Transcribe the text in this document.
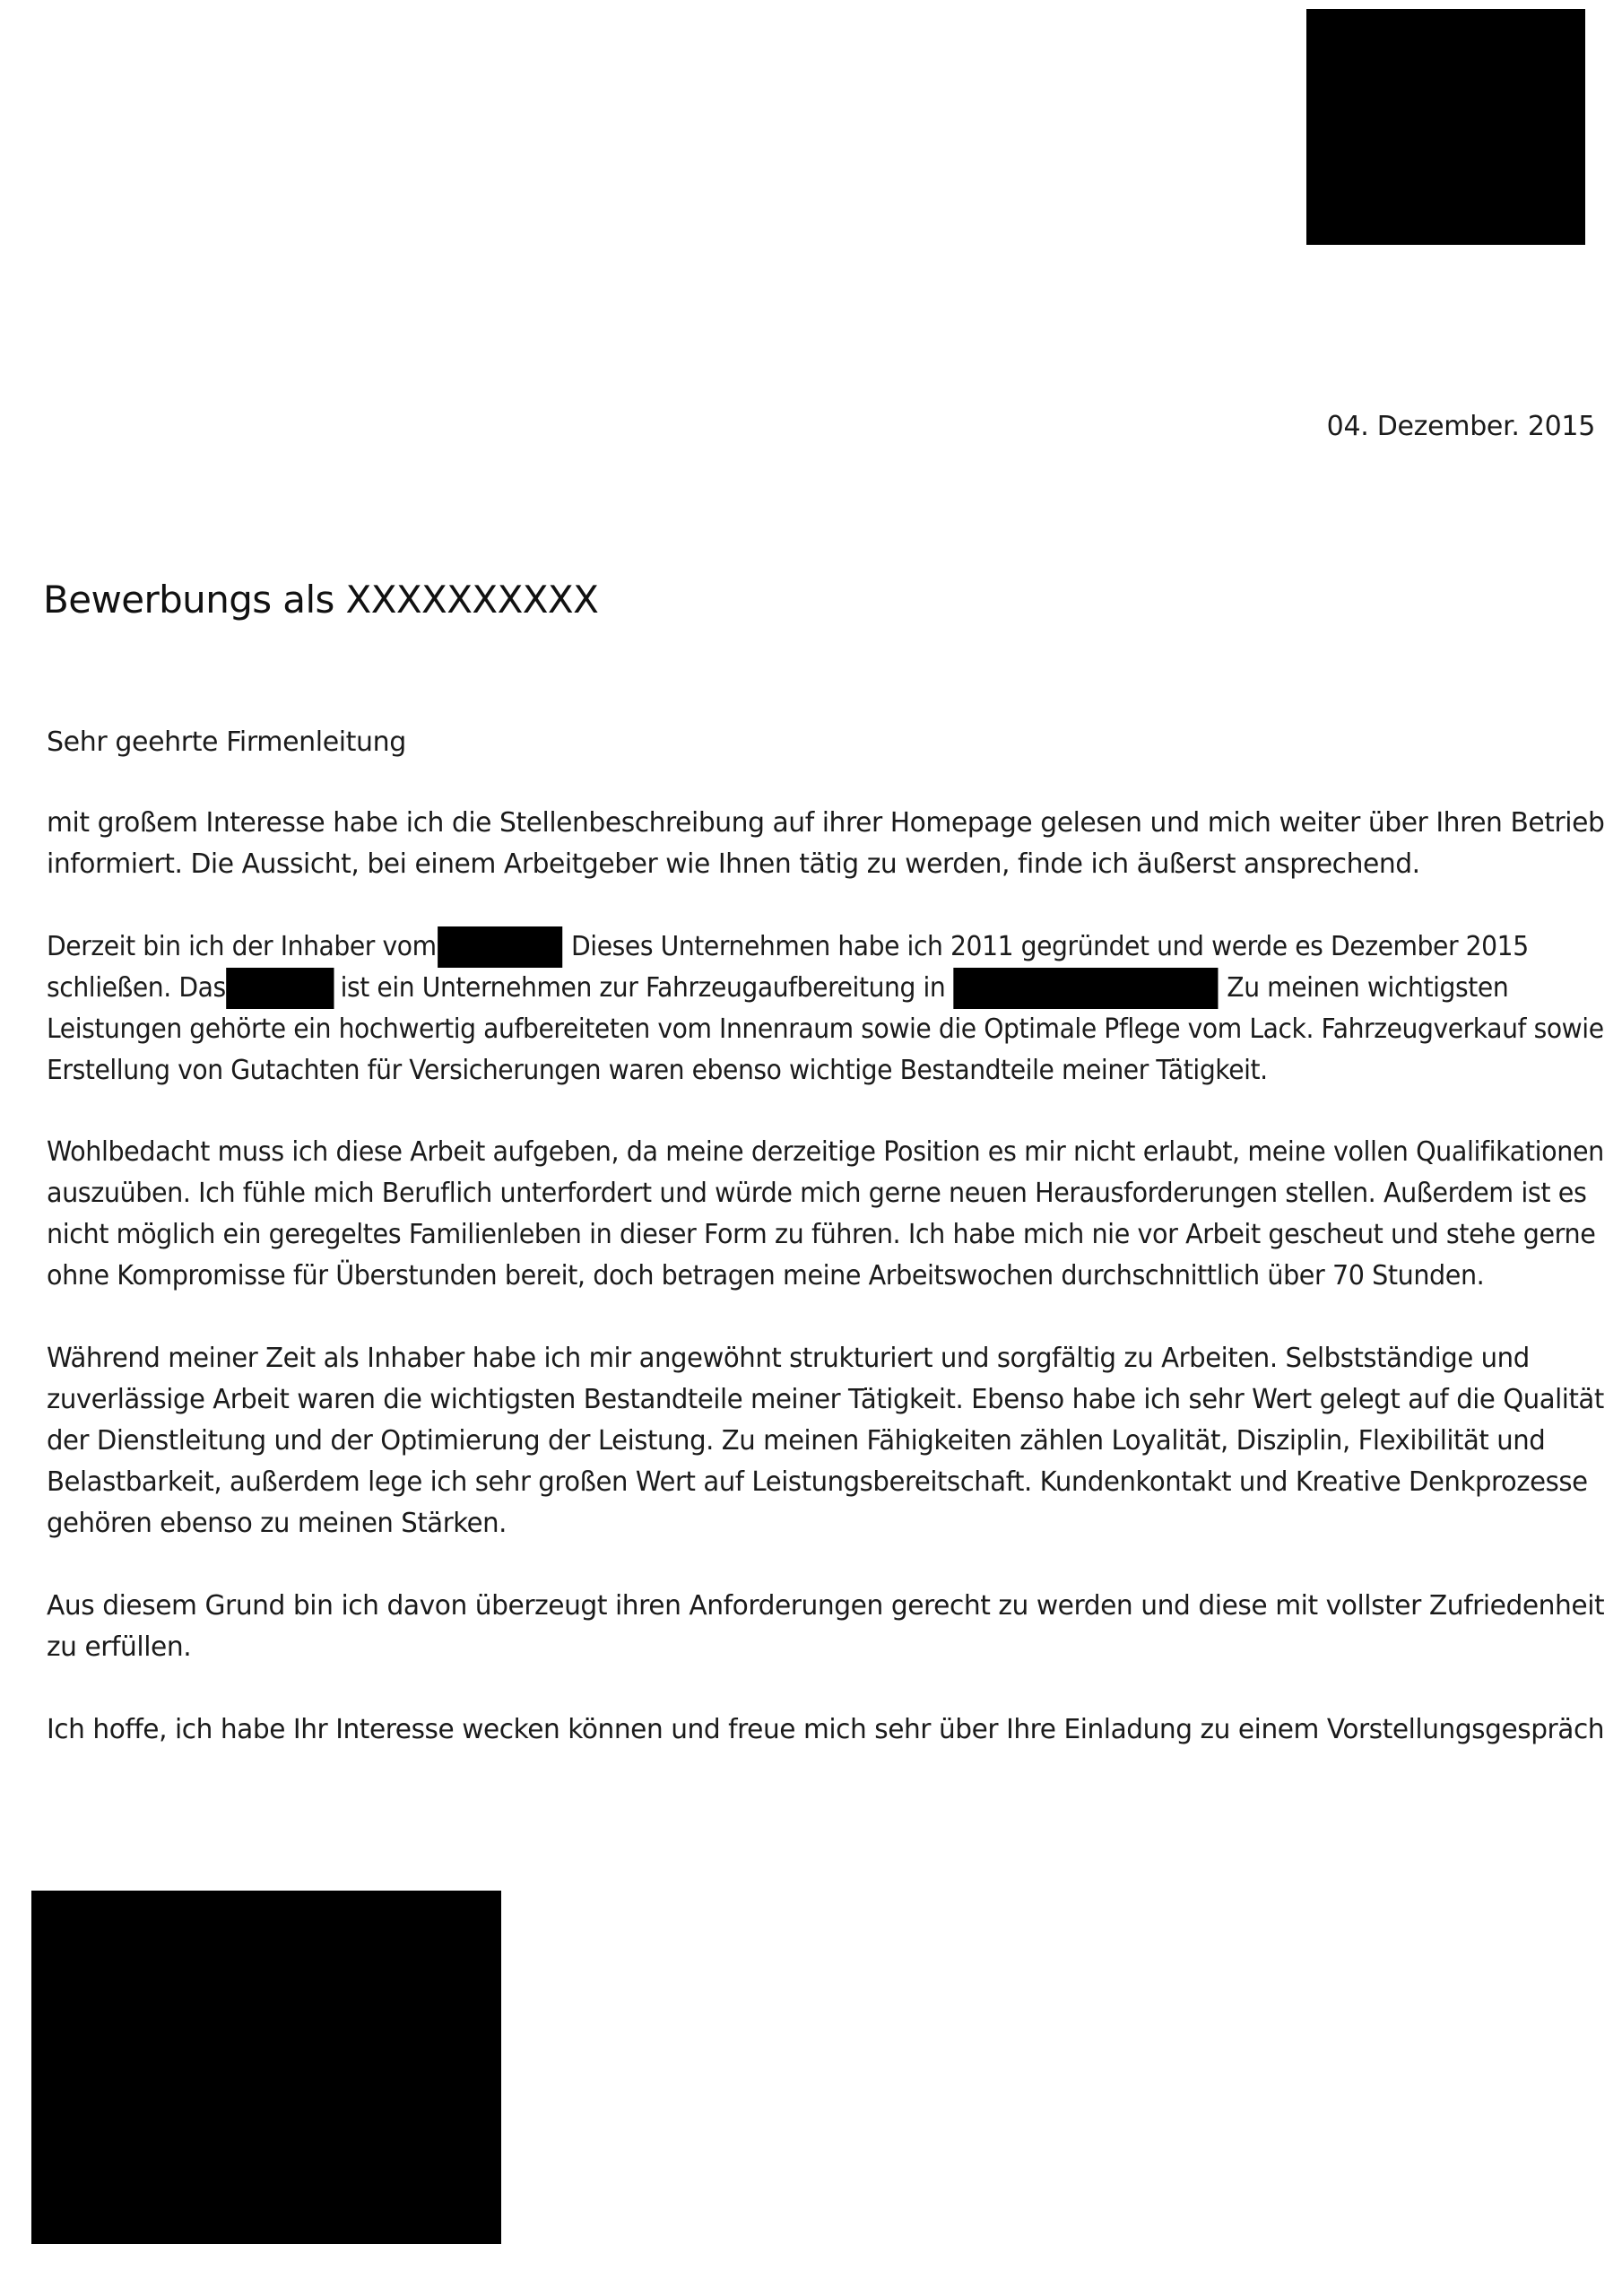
04. Dezember. 2015
Bewerbungs als XXXXXXXXXX
Sehr geehrte Firmenleitung
mit großem Interesse habe ich die Stellenbeschreibung auf ihrer Homepage gelesen und mich weiter über Ihren Betrieb
informiert. Die Aussicht, bei einem Arbeitgeber wie Ihnen tätig zu werden, finde ich äußerst ansprechend.
Derzeit bin ich der Inhaber vom	Dieses Unternehmen habe ich 2011 gegründet und werde es Dezember 2015
schließen. Das	ist ein Unternehmen zur Fahrzeugaufbereitung in	Zu meinen wichtigsten
Leistungen gehörte ein hochwertig aufbereiteten vom Innenraum sowie die Optimale Pflege vom Lack. Fahrzeugverkauf sowie
Erstellung von Gutachten für Versicherungen waren ebenso wichtige Bestandteile meiner Tätigkeit.
Wohlbedacht muss ich diese Arbeit aufgeben, da meine derzeitige Position es mir nicht erlaubt, meine vollen Qualifikationen
auszuüben. Ich fühle mich Beruflich unterfordert und würde mich gerne neuen Herausforderungen stellen. Außerdem ist es
nicht möglich ein geregeltes Familienleben in dieser Form zu führen. Ich habe mich nie vor Arbeit gescheut und stehe gerne
ohne Kompromisse für Überstunden bereit, doch betragen meine Arbeitswochen durchschnittlich über 70 Stunden.
Während meiner Zeit als Inhaber habe ich mir angewöhnt strukturiert und sorgfältig zu Arbeiten. Selbstständige und
zuverlässige Arbeit waren die wichtigsten Bestandteile meiner Tätigkeit. Ebenso habe ich sehr Wert gelegt auf die Qualität
der Dienstleitung und der Optimierung der Leistung. Zu meinen Fähigkeiten zählen Loyalität, Disziplin, Flexibilität und
Belastbarkeit, außerdem lege ich sehr großen Wert auf Leistungsbereitschaft. Kundenkontakt und Kreative Denkprozesse
gehören ebenso zu meinen Stärken.
Aus diesem Grund bin ich davon überzeugt ihren Anforderungen gerecht zu werden und diese mit vollster Zufriedenheit
zu erfüllen.
Ich hoffe, ich habe Ihr Interesse wecken können und freue mich sehr über Ihre Einladung zu einem Vorstellungsgespräch
